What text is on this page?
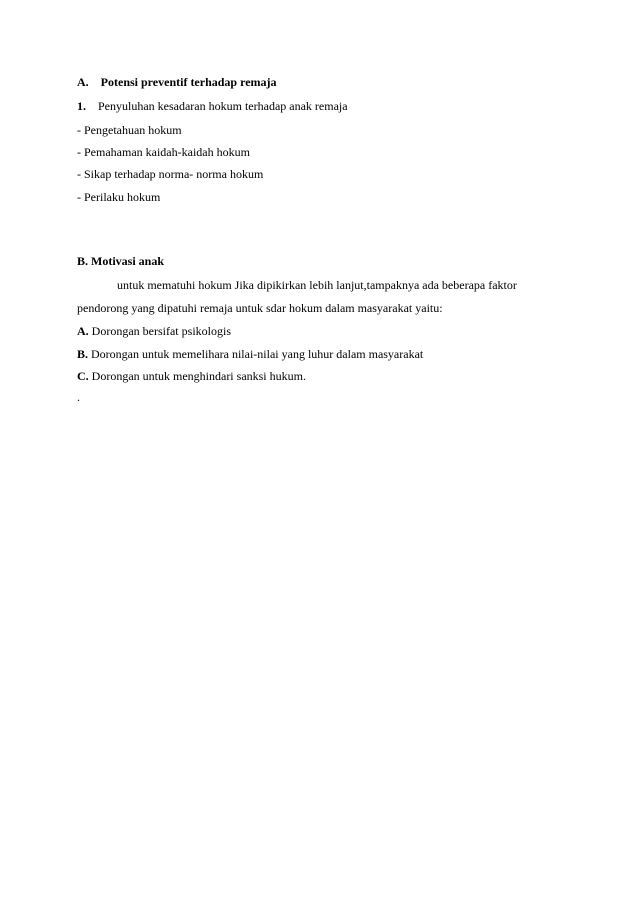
A. Potensi preventif terhadap remaja
1. Penyuluhan kesadaran hokum terhadap anak remaja
- Pengetahuan hokum
- Pemahaman kaidah-kaidah hokum
- Sikap terhadap norma- norma hokum
- Perilaku hokum
B. Motivasi anak
untuk mematuhi hokum Jika dipikirkan lebih lanjut,tampaknya ada beberapa faktor
pendorong yang dipatuhi remaja untuk sdar hokum dalam masyarakat yaitu:
A. Dorongan bersifat psikologis
B. Dorongan untuk memelihara nilai-nilai yang luhur dalam masyarakat
C. Dorongan untuk menghindari sanksi hukum.
.
